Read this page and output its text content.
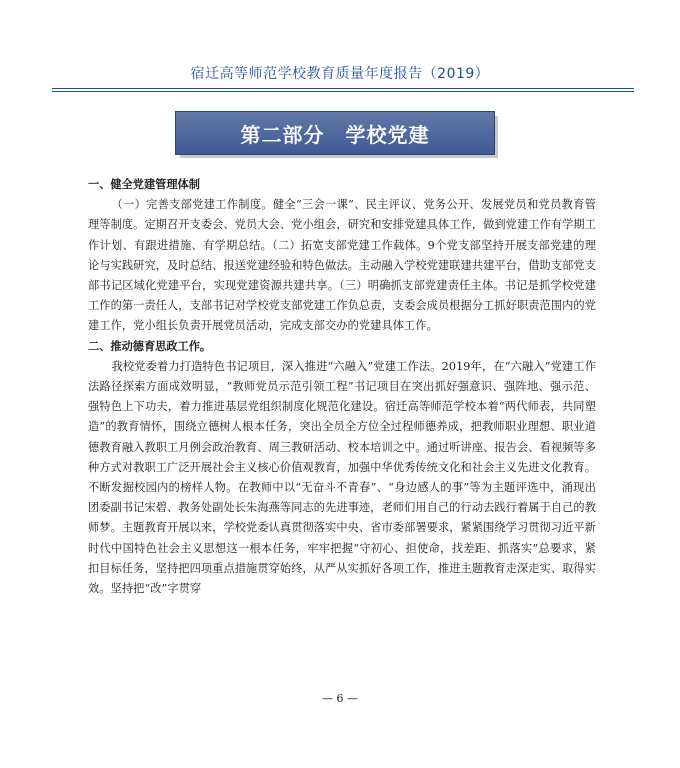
宿迁高等师范学校教育质量年度报告（2019）
第二部分　学校党建

一、健全党建管理体制

（一）完善支部党建工作制度。健全“三会一课”、民主评议、党务公开、发展党员和党员教育管理等制度。定期召开支委会、党员大会、党小组会，研究和安排党建具体工作，做到党建工作有学期工作计划、有跟进措施、有学期总结。（二）拓宽支部党建工作载体。9个党支部坚持开展支部党建的理论与实践研究，及时总结、报送党建经验和特色做法。主动融入学校党建联建共建平台，借助支部党支部书记区域化党建平台，实现党建资源共建共享。（三）明确抓支部党建责任主体。书记是抓学校党建工作的第一责任人，支部书记对学校党支部党建工作负总责，支委会成员根据分工抓好职责范围内的党建工作，党小组长负责开展党员活动，完成支部交办的党建具体工作。

二、推动德育思政工作。

我校党委着力打造特色书记项目，深入推进“六融入”党建工作法。2019年，在“六融入”党建工作法路径探索方面成效明显，“教师党员示范引领工程”书记项目在突出抓好强意识、强阵地、强示范、强特色上下功夫，着力推进基层党组织制度化规范化建设。宿迁高等师范学校本着“两代师表，共同塑造”的教育情怀，围绕立德树人根本任务，突出全员全方位全过程师德养成，把教师职业理想、职业道德教育融入教职工月例会政治教育、周三教研活动、校本培训之中。通过听讲座、报告会、看视频等多种方式对教职工广泛开展社会主义核心价值观教育，加强中华优秀传统文化和社会主义先进文化教育。不断发掘校园内的榜样人物。在教师中以“无奋斗不青春”、“身边感人的事”等为主题评选中，涌现出团委副书记宋碧、教务处副处长朱海燕等同志的先进事迹，老师们用自己的行动去践行着属于自己的教师梦。主题教育开展以来，学校党委认真贯彻落实中央、省市委部署要求，紧紧围绕学习贯彻习近平新时代中国特色社会主义思想这一根本任务，牢牢把握“守初心、担使命，找差距、抓落实”总要求，紧扣目标任务，坚持把四项重点措施贯穿始终，从严从实抓好各项工作，推进主题教育走深走实、取得实效。坚持把“改”字贯穿

— 6 —
